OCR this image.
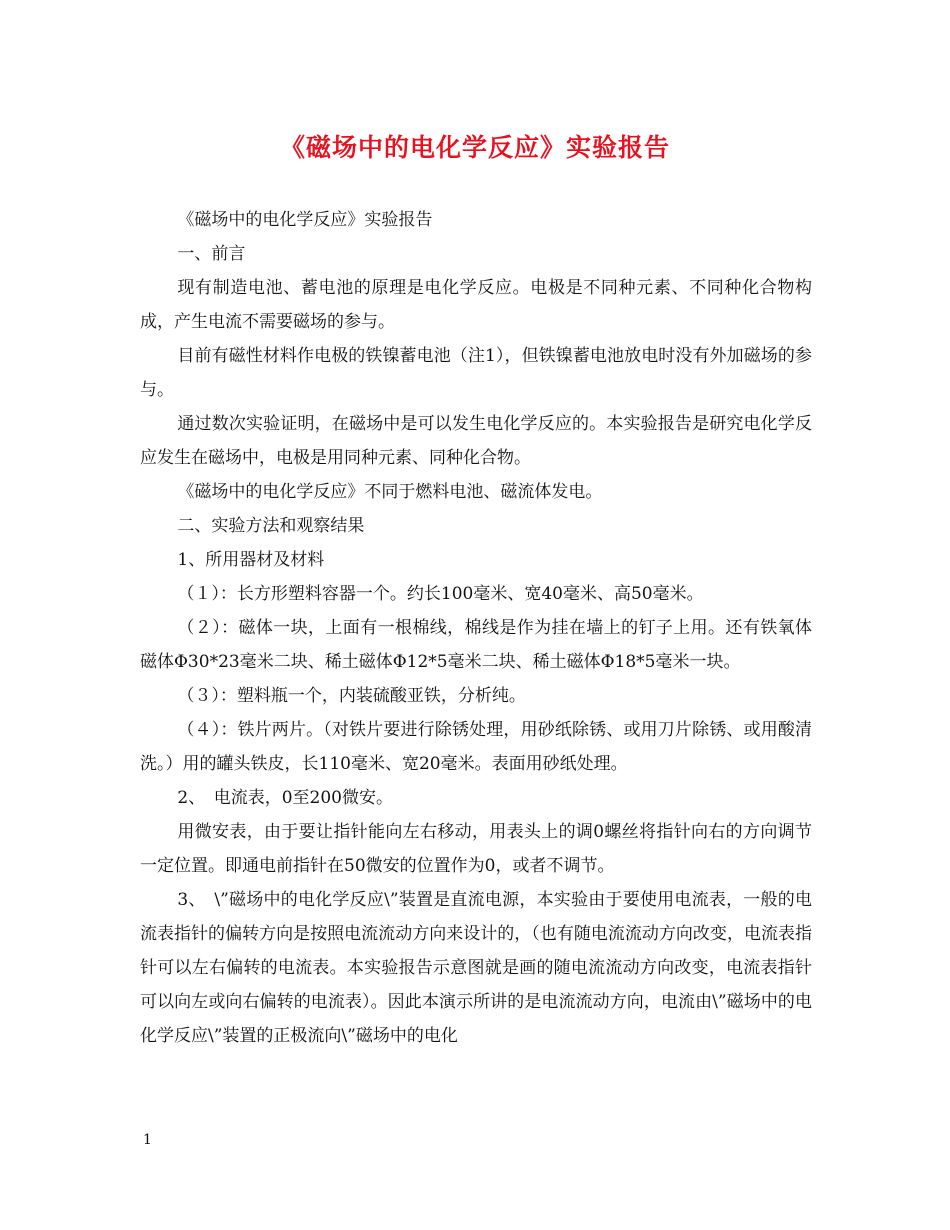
《磁场中的电化学反应》实验报告

《磁场中的电化学反应》实验报告

一、前言

现有制造电池、蓄电池的原理是电化学反应。电极是不同种元素、不同种化合物构成，产生电流不需要磁场的参与。

目前有磁性材料作电极的铁镍蓄电池（注1），但铁镍蓄电池放电时没有外加磁场的参与。

通过数次实验证明，在磁场中是可以发生电化学反应的。本实验报告是研究电化学反应发生在磁场中，电极是用同种元素、同种化合物。

《磁场中的电化学反应》不同于燃料电池、磁流体发电。

二、实验方法和观察结果

1、所用器材及材料

（１）：长方形塑料容器一个。约长100毫米、宽40毫米、高50毫米。

（２）：磁体一块，上面有一根棉线，棉线是作为挂在墙上的钉子上用。还有铁氧体磁体Φ30*23毫米二块、稀土磁体Φ12*5毫米二块、稀土磁体Φ18*5毫米一块。

（３）：塑料瓶一个，内装硫酸亚铁，分析纯。

（４）：铁片两片。（对铁片要进行除锈处理，用砂纸除锈、或用刀片除锈、或用酸清洗。）用的罐头铁皮，长110毫米、宽20毫米。表面用砂纸处理。

2、　电流表，0至200微安。

用微安表，由于要让指针能向左右移动，用表头上的调0螺丝将指针向右的方向调节一定位置。即通电前指针在50微安的位置作为0，或者不调节。

3、　\”磁场中的电化学反应\”装置是直流电源，本实验由于要使用电流表，一般的电流表指针的偏转方向是按照电流流动方向来设计的，（也有随电流流动方向改变，电流表指针可以左右偏转的电流表。本实验报告示意图就是画的随电流流动方向改变，电流表指针可以向左或向右偏转的电流表）。因此本演示所讲的是电流流动方向，电流由\”磁场中的电化学反应\”装置的正极流向\”磁场中的电化

1
